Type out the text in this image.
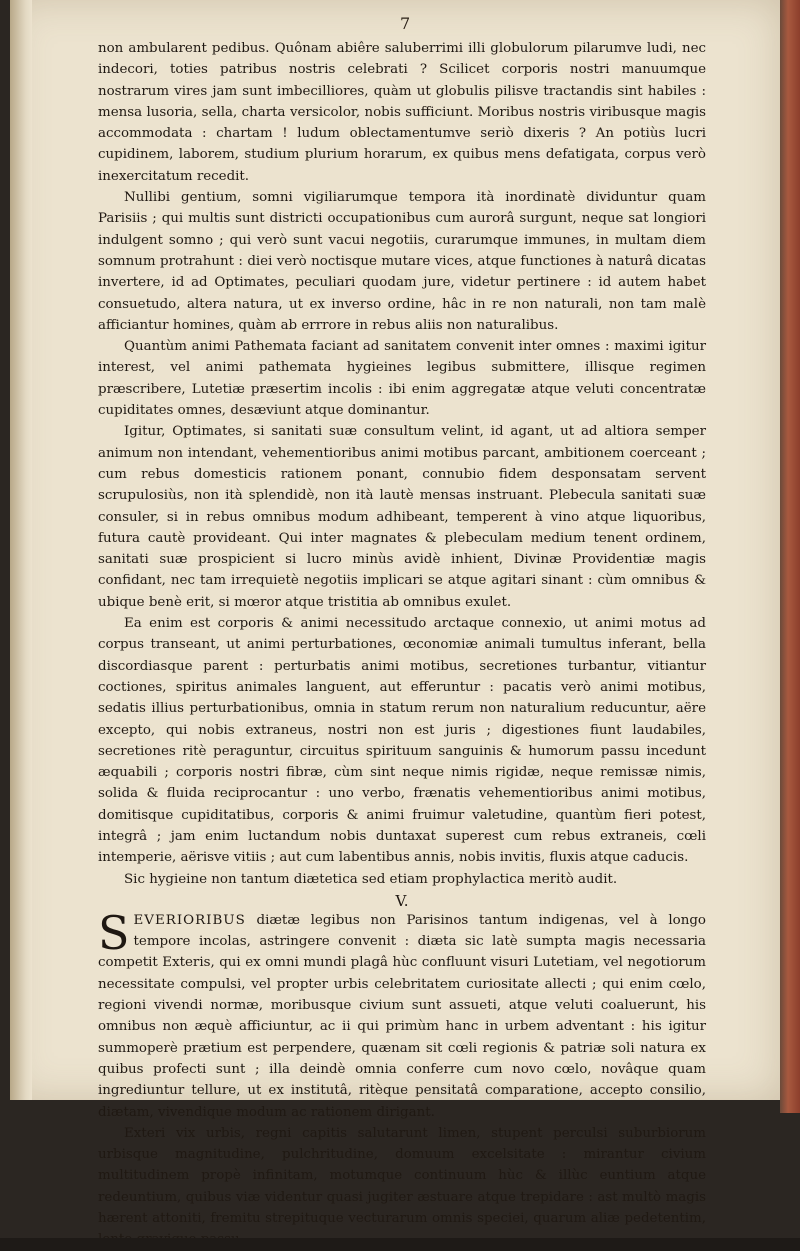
7

non ambularent pedibus. Quônam abiêre saluberrimi illi globulorum pilarumve ludi, nec indecori, toties patribus nostris celebrati ? Scilicet corporis nostri manuumque nostrarum vires jam sunt imbecilliores, quàm ut globulis pilisve tractandis sint habiles : mensa lusoria, sella, charta versicolor, nobis sufficiunt. Moribus nostris viribusque magis accommodata : chartam ! ludum oblectamentumve seriò dixeris ? An potiùs lucri cupidinem, laborem, studium plurium horarum, ex quibus mens defatigata, corpus verò inexercitatum recedit.

Nullibi gentium, somni vigiliarumque tempora ità inordinatè dividuntur quam Parisiis ; qui multis sunt districti occupationibus cum aurorâ surgunt, neque sat longiori indulgent somno ; qui verò sunt vacui negotiis, curarumque immunes, in multam diem somnum protrahunt : diei verò noctisque mutare vices, atque functiones à naturâ dicatas invertere, id ad Optimates, peculiari quodam jure, videtur pertinere : id autem habet consuetudo, altera natura, ut ex inverso ordine, hâc in re non naturali, non tam malè afficiantur homines, quàm ab errrore in rebus aliis non naturalibus.

Quantùm animi Pathemata faciant ad sanitatem convenit inter omnes : maximi igitur interest, vel animi pathemata hygieines legibus submittere, illisque regimen præscribere, Lutetiæ præsertim incolis : ibi enim aggregatæ atque veluti concentratæ cupiditates omnes, desæviunt atque dominantur.

Igitur, Optimates, si sanitati suæ consultum velint, id agant, ut ad altiora semper animum non intendant, vehementioribus animi motibus parcant, ambitionem coerceant ; cum rebus domesticis rationem ponant, connubio fidem desponsatam servent scrupulosiùs, non ità splendidè, non ità lautè mensas instruant. Plebecula sanitati suæ consuler, si in rebus omnibus modum adhibeant, temperent à vino atque liquoribus, futura cautè provideant. Qui inter magnates & plebeculam medium tenent ordinem, sanitati suæ prospicient si lucro minùs avidè inhient, Divinæ Providentiæ magis confidant, nec tam irrequietè negotiis implicari se atque agitari sinant : cùm omnibus & ubique benè erit, si mœror atque tristitia ab omnibus exulet.

Ea enim est corporis & animi necessitudo arctaque connexio, ut animi motus ad corpus transeant, ut animi perturbationes, œconomiæ animali tumultus inferant, bella discordiasque parent : perturbatis animi motibus, secretiones turbantur, vitiantur coctiones, spiritus animales languent, aut efferuntur : pacatis verò animi motibus, sedatis illius perturbationibus, omnia in statum rerum non naturalium reducuntur, aëre excepto, qui nobis extraneus, nostri non est juris ; digestiones fiunt laudabiles, secretiones ritè peraguntur, circuitus spirituum sanguinis & humorum passu incedunt æquabili ; corporis nostri fibræ, cùm sint neque nimis rigidæ, neque remissæ nimis, solida & fluida reciprocantur : uno verbo, frænatis vehementioribus animi motibus, domitisque cupiditatibus, corporis & animi fruimur valetudine, quantùm fieri potest, integrâ ; jam enim luctandum nobis duntaxat superest cum rebus extraneis, cœli intemperie, aërisve vitiis ; aut cum labentibus annis, nobis invitis, fluxis atque caducis.

Sic hygieine non tantum diætetica sed etiam prophylactica meritò audit.

V.

SEVERIORIBUS diætæ legibus non Parisinos tantum indigenas, vel à longo tempore incolas, astringere convenit : diæta sic latè sumpta magis necessaria competit Exteris, qui ex omni mundi plagâ hùc confluunt visuri Lutetiam, vel negotiorum necessitate compulsi, vel propter urbis celebritatem curiositate allecti ; qui enim cœlo, regioni vivendi normæ, moribusque civium sunt assueti, atque veluti coaluerunt, his omnibus non æquè afficiuntur, ac ii qui primùm hanc in urbem adventant : his igitur summoperè prætium est perpendere, quænam sit cœli regionis & patriæ soli natura ex quibus profecti sunt ; illa deindè omnia conferre cum novo cœlo, novâque quam ingrediuntur tellure, ut ex institutâ, ritèque pensitatâ comparatione, accepto consilio, diætam, vivendique modum ac rationem dirigant.

Exteri vix urbis, regni capitis salutarunt limen, stupent perculsi suburbiorum urbisque magnitudine, pulchritudine, domuum excelsitate : mirantur civium multitudinem propè infinitam, motumque continuum hùc & illùc euntium atque redeuntium, quibus viæ videntur quasi jugiter æstuare atque trepidare : ast multò magis hærent attoniti, fremitu strepituque vecturarum omnis speciei, quarum aliæ pedetentim,
